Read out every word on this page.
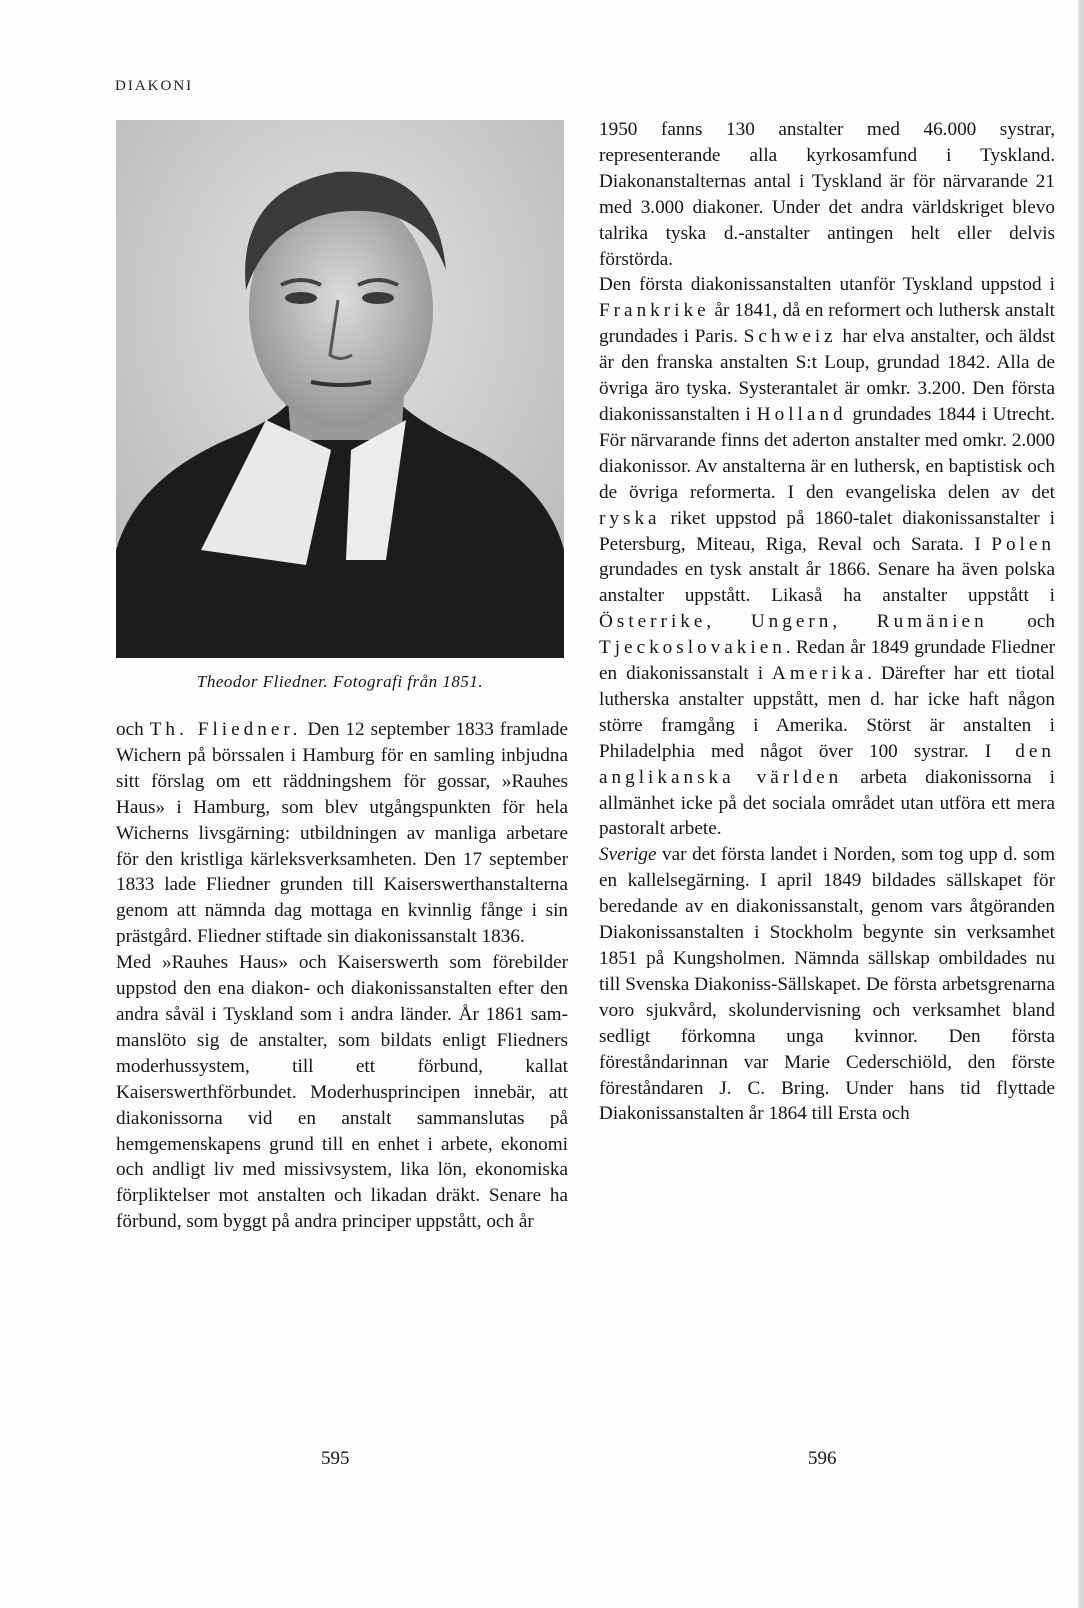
DIAKONI
Theodor Fliedner. Fotografi från 1851.

och Th. Fliedner. Den 12 september 1833 framlade Wichern på börssalen i Hamburg för en samling inbjudna sitt förslag om ett räddningshem för gossar, »Rauhes Haus» i Hamburg, som blev utgångspunkten för hela Wicherns livsgärning: utbildningen av manliga arbetare för den kristliga kärleksverksamheten. Den 17 september 1833 lade Fliedner grunden till Kaiserswerthanstalterna genom att nämnda dag mottaga en kvinnlig fånge i sin prästgård. Fliedner stiftade sin diakonissanstalt 1836.

Med »Rauhes Haus» och Kaiserswerth som förebilder uppstod den ena diakon- och diakonissanstalten efter den andra såväl i Tyskland som i andra länder. År 1861 sammanslöto sig de anstalter, som bildats enligt Fliedners moderhussystem, till ett förbund, kallat Kaiserswerthförbundet. Moderhusprincipen innebär, att diakonissorna vid en anstalt sammanslutas på hemgemenskapens grund till en enhet i arbete, ekonomi och andligt liv med missivsystem, lika lön, ekonomiska förpliktelser mot anstalten och likadan dräkt. Senare ha förbund, som byggt på andra principer uppstått, och år

1950 fanns 130 anstalter med 46.000 systrar, representerande alla kyrkosamfund i Tyskland. Diakonanstalternas antal i Tyskland är för närvarande 21 med 3.000 diakoner. Under det andra världskriget blevo talrika tyska d.-anstalter antingen helt eller delvis förstörda.

Den första diakonissanstalten utanför Tyskland uppstod i Frankrike år 1841, då en reformert och luthersk anstalt grundades i Paris. Schweiz har elva anstalter, och äldst är den franska anstalten S:t Loup, grundad 1842. Alla de övriga äro tyska. Systerantalet är omkr. 3.200. Den första diakonissanstalten i Holland grundades 1844 i Utrecht. För närvarande finns det aderton anstalter med omkr. 2.000 diakonissor. Av anstalterna är en luthersk, en baptistisk och de övriga reformerta. I den evangeliska delen av det ryska riket uppstod på 1860-talet diakonissanstalter i Petersburg, Miteau, Riga, Reval och Sarata. I Polen grundades en tysk anstalt år 1866. Senare ha även polska anstalter uppstått. Likaså ha anstalter uppstått i Österrike, Ungern, Rumänien och Tjeckoslovakien. Redan år 1849 grundade Fliedner en diakonissanstalt i Amerika. Därefter har ett tiotal lutherska anstalter uppstått, men d. har icke haft någon större framgång i Amerika. Störst är anstalten i Philadelphia med något över 100 systrar. I den anglikanska världen arbeta diakonissorna i allmänhet icke på det sociala området utan utföra ett mera pastoralt arbete.

Sverige var det första landet i Norden, som tog upp d. som en kallelsegärning. I april 1849 bildades sällskapet för beredande av en diakonissanstalt, genom vars åtgöranden Diakonissanstalten i Stockholm begynte sin verksamhet 1851 på Kungsholmen. Nämnda sällskap ombildades nu till Svenska Diakoniss-Sällskapet. De första arbetsgrenarna voro sjukvård, skolundervisning och verksamhet bland sedligt förkomna unga kvinnor. Den första föreståndarinnan var Marie Cederschiöld, den förste föreståndaren J. C. Bring. Under hans tid flyttade Diakonissanstalten år 1864 till Ersta och

595	596
